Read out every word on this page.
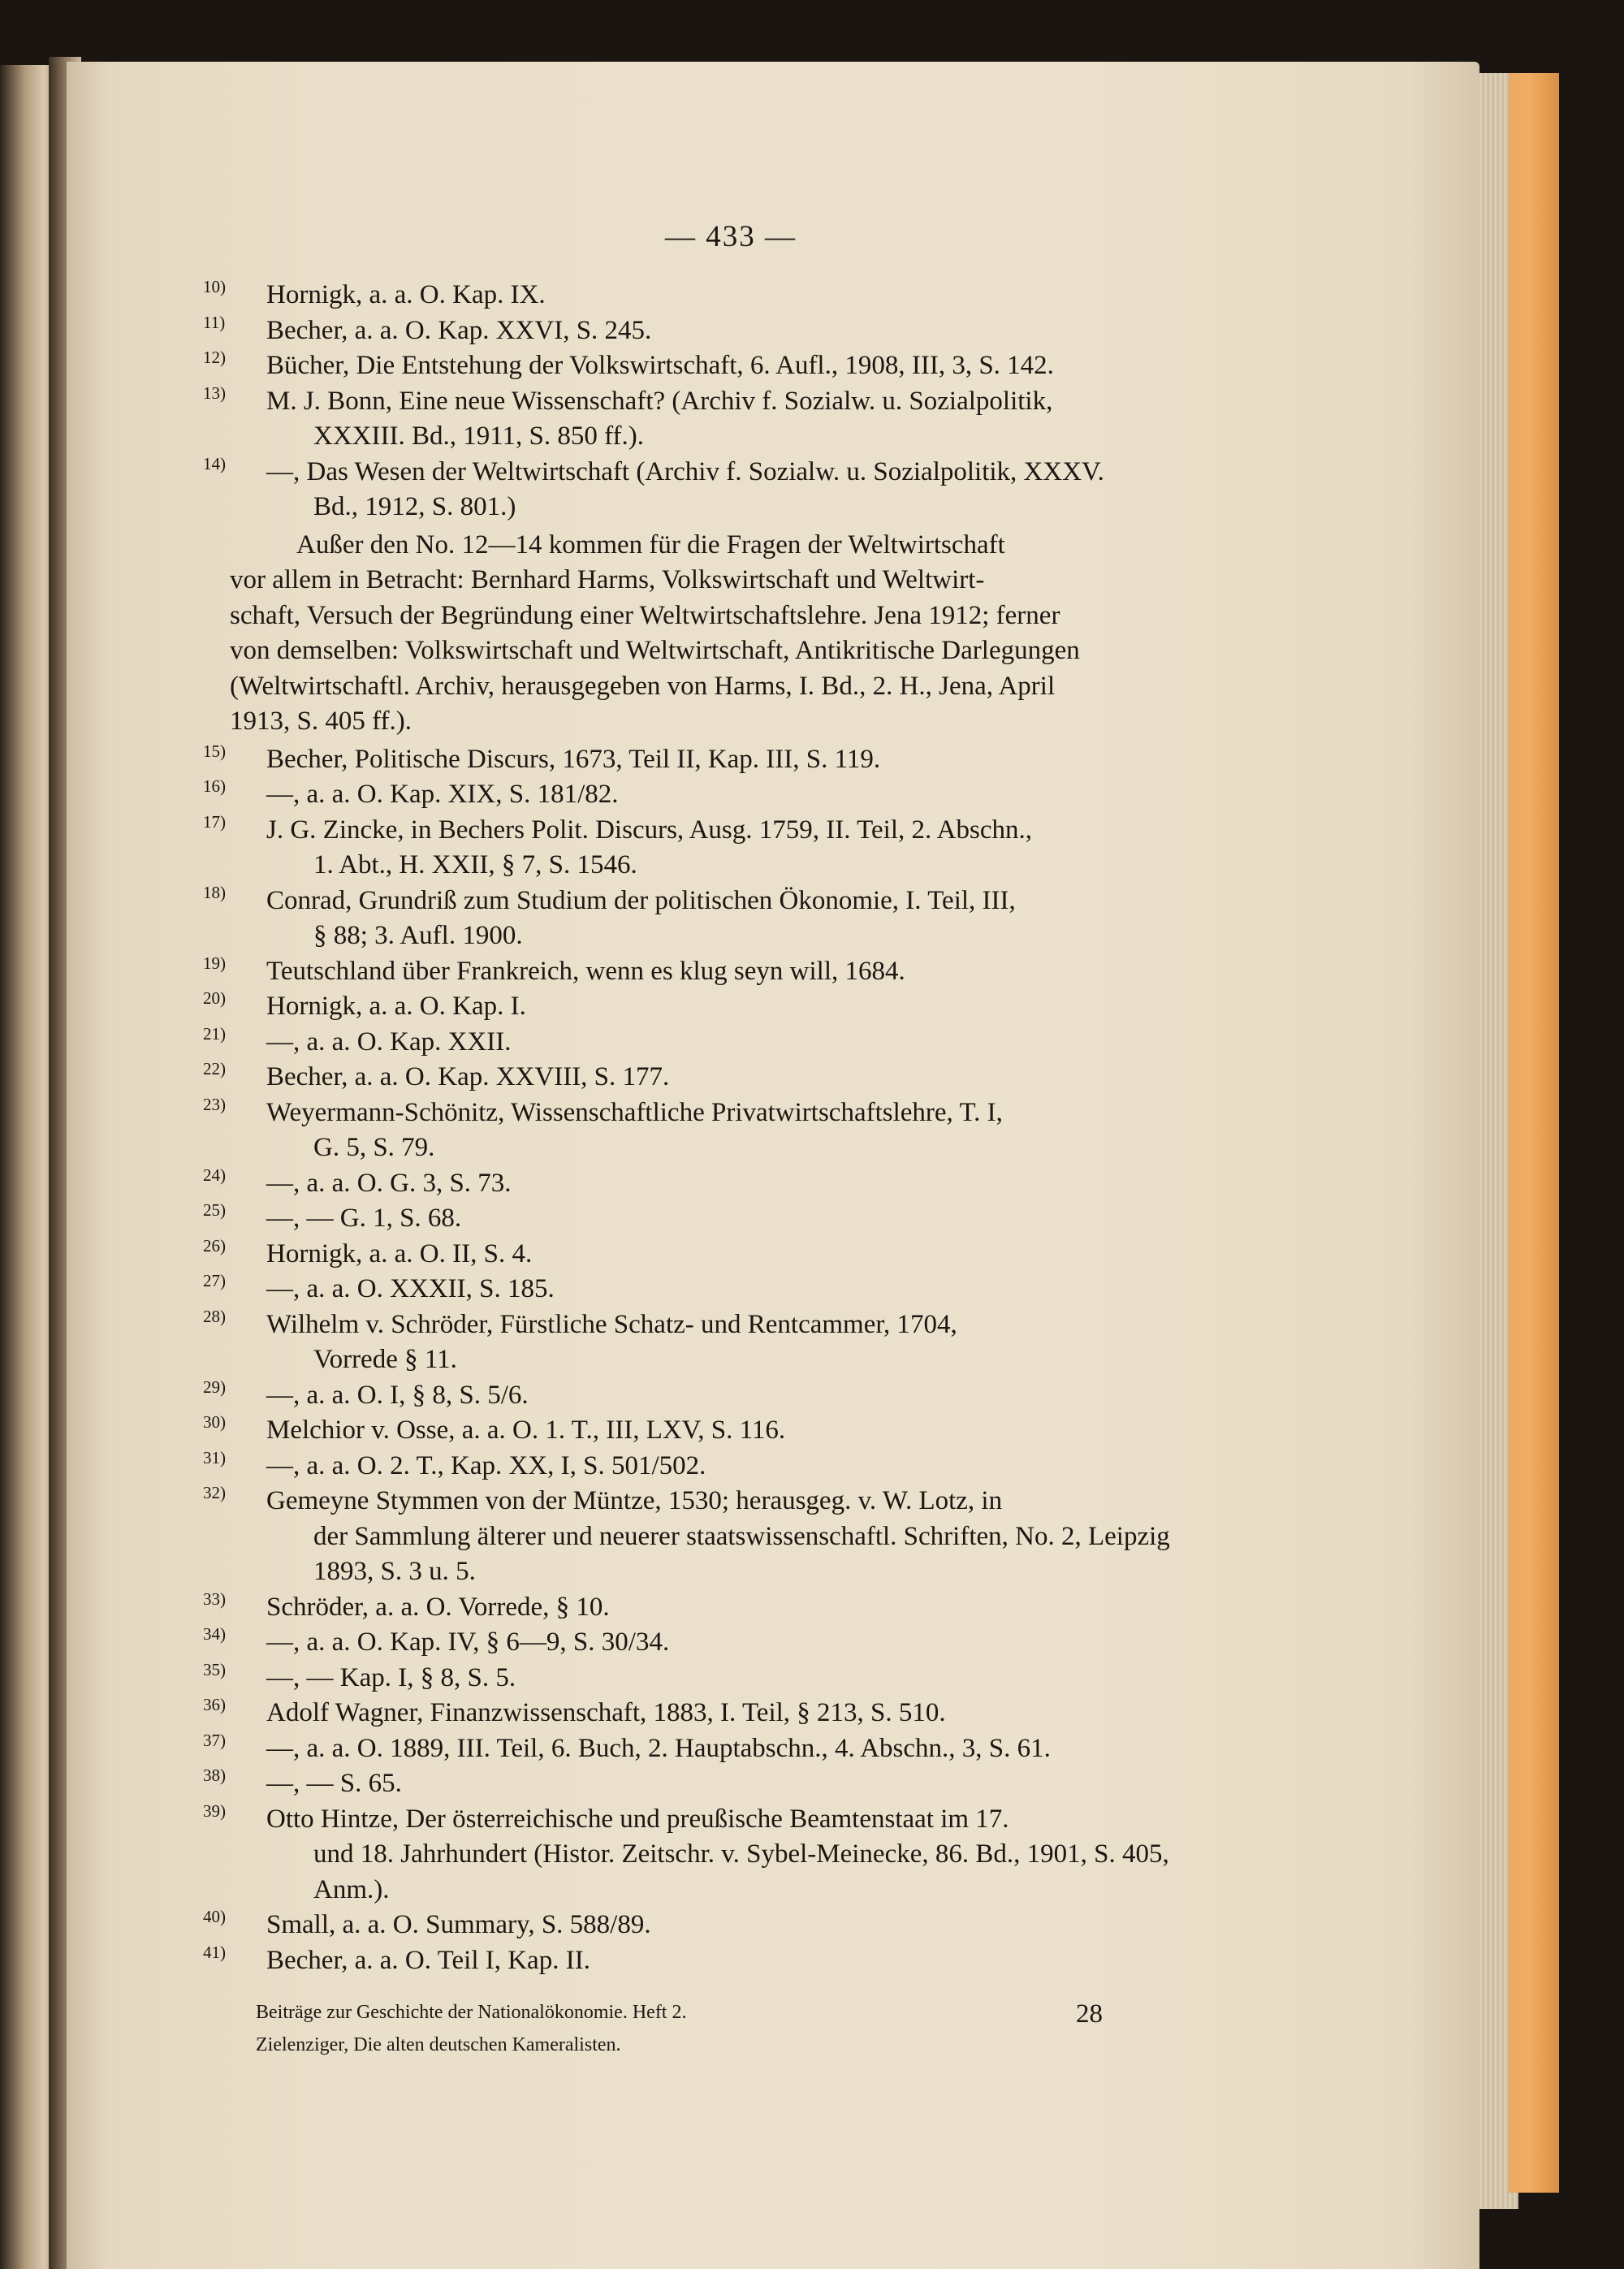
— 433 —
10) Hornigk, a. a. O. Kap. IX.
11) Becher, a. a. O. Kap. XXVI, S. 245.
12) Bücher, Die Entstehung der Volkswirtschaft, 6. Aufl., 1908, III, 3, S. 142.
13) M. J. Bonn, Eine neue Wissenschaft? (Archiv f. Sozialw. u. Sozialpolitik,
XXXIII. Bd., 1911, S. 850 ff.).
14) —, Das Wesen der Weltwirtschaft (Archiv f. Sozialw. u. Sozialpolitik, XXXV.
Bd., 1912, S. 801.)
Außer den No. 12—14 kommen für die Fragen der Weltwirtschaft
vor allem in Betracht: Bernhard Harms, Volkswirtschaft und Weltwirt-
schaft, Versuch der Begründung einer Weltwirtschaftslehre. Jena 1912; ferner
von demselben: Volkswirtschaft und Weltwirtschaft, Antikritische Darlegungen
(Weltwirtschaftl. Archiv, herausgegeben von Harms, I. Bd., 2. H., Jena, April
1913, S. 405 ff.).
15) Becher, Politische Discurs, 1673, Teil II, Kap. III, S. 119.
16) —, a. a. O. Kap. XIX, S. 181/82.
17) J. G. Zincke, in Bechers Polit. Discurs, Ausg. 1759, II. Teil, 2. Abschn.,
1. Abt., H. XXII, § 7, S. 1546.
18) Conrad, Grundriß zum Studium der politischen Ökonomie, I. Teil, III,
§ 88; 3. Aufl. 1900.
19) Teutschland über Frankreich, wenn es klug seyn will, 1684.
20) Hornigk, a. a. O. Kap. I.
21) —, a. a. O. Kap. XXII.
22) Becher, a. a. O. Kap. XXVIII, S. 177.
23) Weyermann-Schönitz, Wissenschaftliche Privatwirtschaftslehre, T. I,
G. 5, S. 79.
24) —, a. a. O. G. 3, S. 73.
25) —, — G. 1, S. 68.
26) Hornigk, a. a. O. II, S. 4.
27) —, a. a. O. XXXII, S. 185.
28) Wilhelm v. Schröder, Fürstliche Schatz- und Rentcammer, 1704,
Vorrede § 11.
29) —, a. a. O. I, § 8, S. 5/6.
30) Melchior v. Osse, a. a. O. 1. T., III, LXV, S. 116.
31) —, a. a. O. 2. T., Kap. XX, I, S. 501/502.
32) Gemeyne Stymmen von der Müntze, 1530; herausgeg. v. W. Lotz, in
der Sammlung älterer und neuerer staatswissenschaftl. Schriften, No. 2, Leipzig
1893, S. 3 u. 5.
33) Schröder, a. a. O. Vorrede, § 10.
34) —, a. a. O. Kap. IV, § 6—9, S. 30/34.
35) —, — Kap. I, § 8, S. 5.
36) Adolf Wagner, Finanzwissenschaft, 1883, I. Teil, § 213, S. 510.
37) —, a. a. O. 1889, III. Teil, 6. Buch, 2. Hauptabschn., 4. Abschn., 3, S. 61.
38) —, — S. 65.
39) Otto Hintze, Der österreichische und preußische Beamtenstaat im 17.
und 18. Jahrhundert (Histor. Zeitschr. v. Sybel-Meinecke, 86. Bd., 1901, S. 405,
Anm.).
40) Small, a. a. O. Summary, S. 588/89.
41) Becher, a. a. O. Teil I, Kap. II.
Beiträge zur Geschichte der Nationalökonomie. Heft 2.
Zielenziger, Die alten deutschen Kameralisten.
28
